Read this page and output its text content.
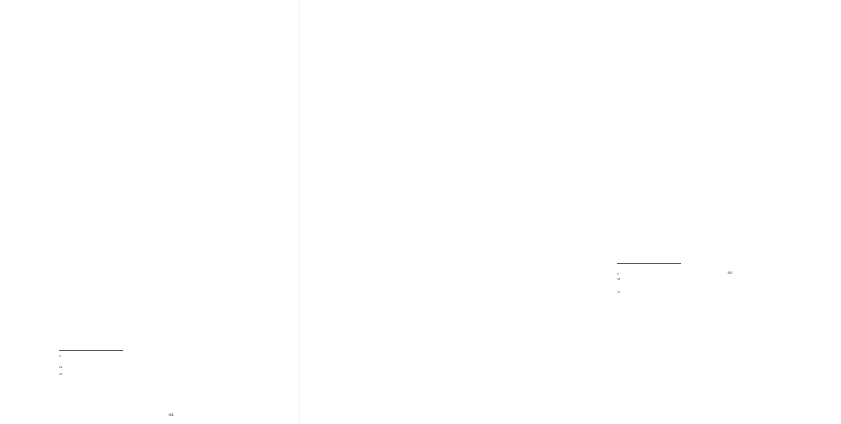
*
24
25
84
*
26
27
85
